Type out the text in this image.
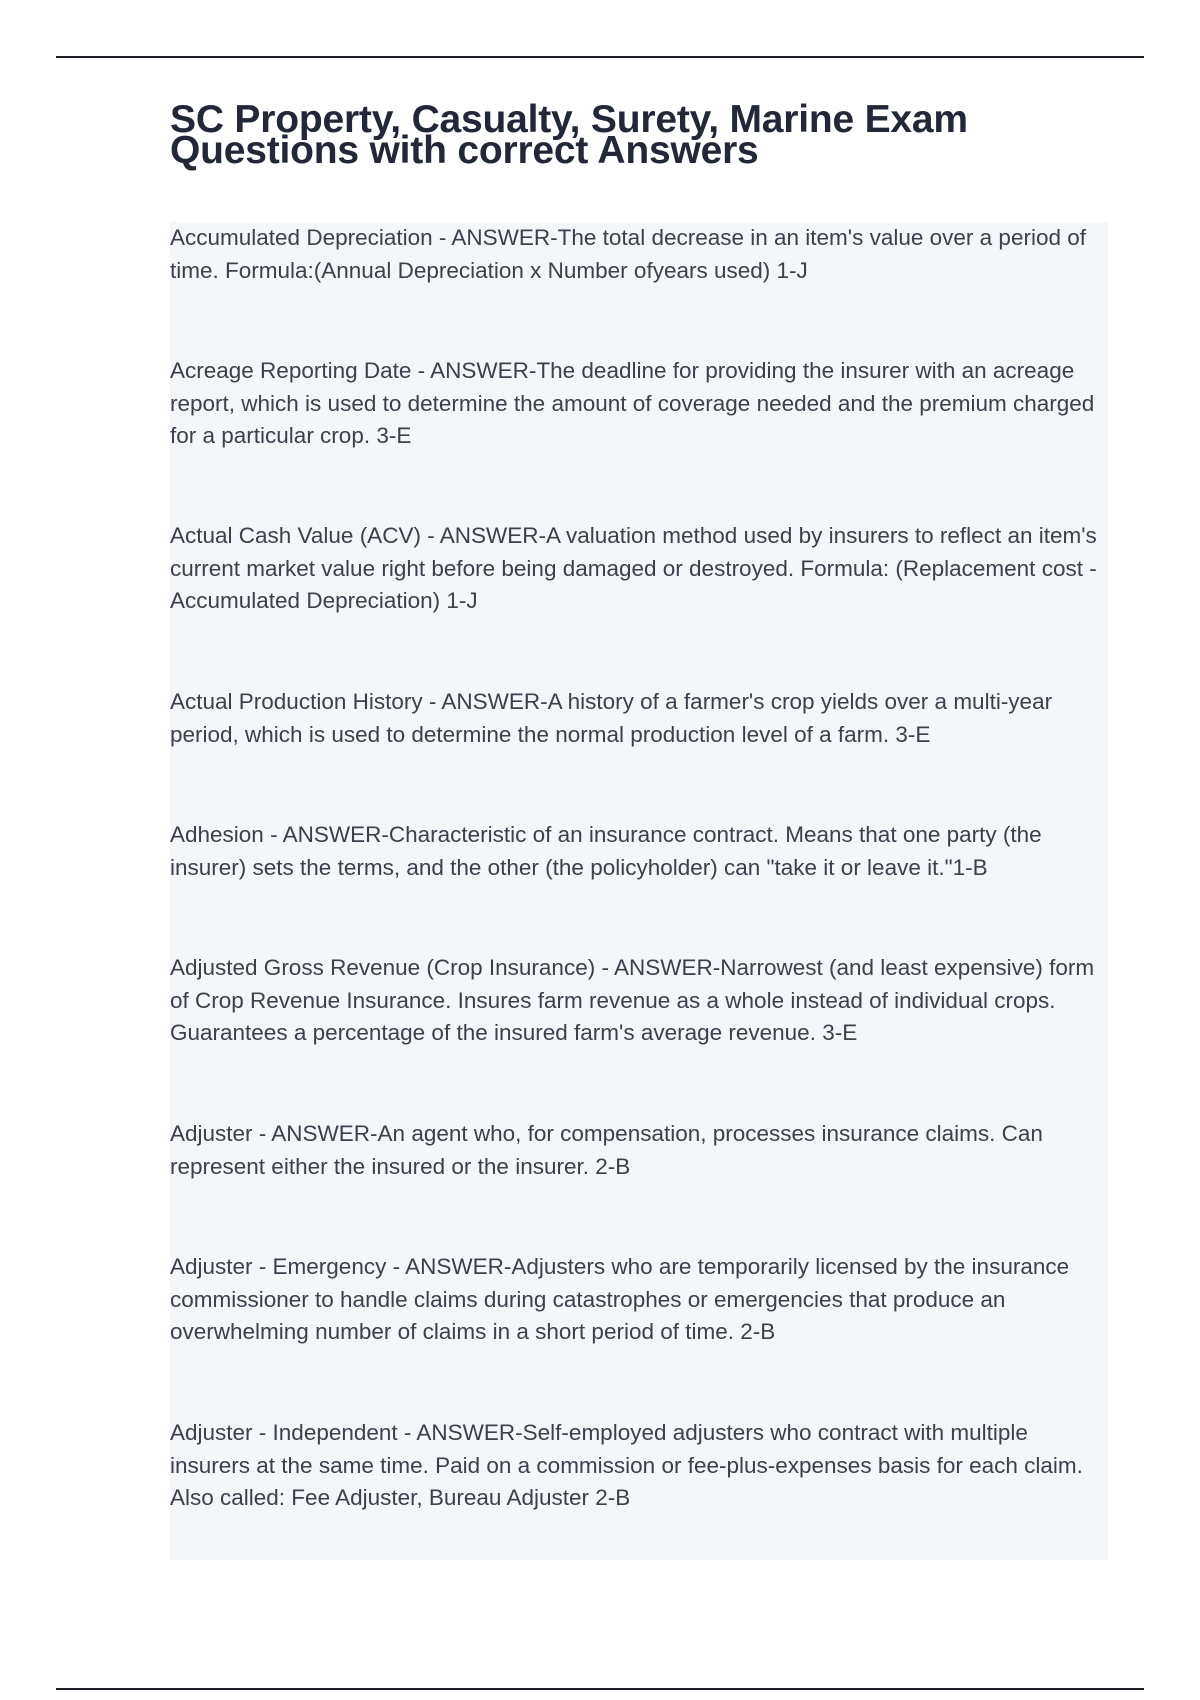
SC Property, Casualty, Surety, Marine Exam Questions with correct Answers

Accumulated Depreciation - ANSWER-The total decrease in an item's value over a period of time. Formula:(Annual Depreciation x Number ofyears used) 1-J

Acreage Reporting Date - ANSWER-The deadline for providing the insurer with an acreage report, which is used to determine the amount of coverage needed and the premium charged for a particular crop. 3-E

Actual Cash Value (ACV) - ANSWER-A valuation method used by insurers to reflect an item's current market value right before being damaged or destroyed. Formula: (Replacement cost - Accumulated Depreciation) 1-J

Actual Production History - ANSWER-A history of a farmer's crop yields over a multi-year period, which is used to determine the normal production level of a farm. 3-E

Adhesion - ANSWER-Characteristic of an insurance contract. Means that one party (the insurer) sets the terms, and the other (the policyholder) can "take it or leave it."1-B

Adjusted Gross Revenue (Crop Insurance) - ANSWER-Narrowest (and least expensive) form of Crop Revenue Insurance. Insures farm revenue as a whole instead of individual crops. Guarantees a percentage of the insured farm's average revenue. 3-E

Adjuster - ANSWER-An agent who, for compensation, processes insurance claims. Can represent either the insured or the insurer. 2-B

Adjuster - Emergency - ANSWER-Adjusters who are temporarily licensed by the insurance commissioner to handle claims during catastrophes or emergencies that produce an overwhelming number of claims in a short period of time. 2-B

Adjuster - Independent - ANSWER-Self-employed adjusters who contract with multiple insurers at the same time. Paid on a commission or fee-plus-expenses basis for each claim. Also called: Fee Adjuster, Bureau Adjuster 2-B
